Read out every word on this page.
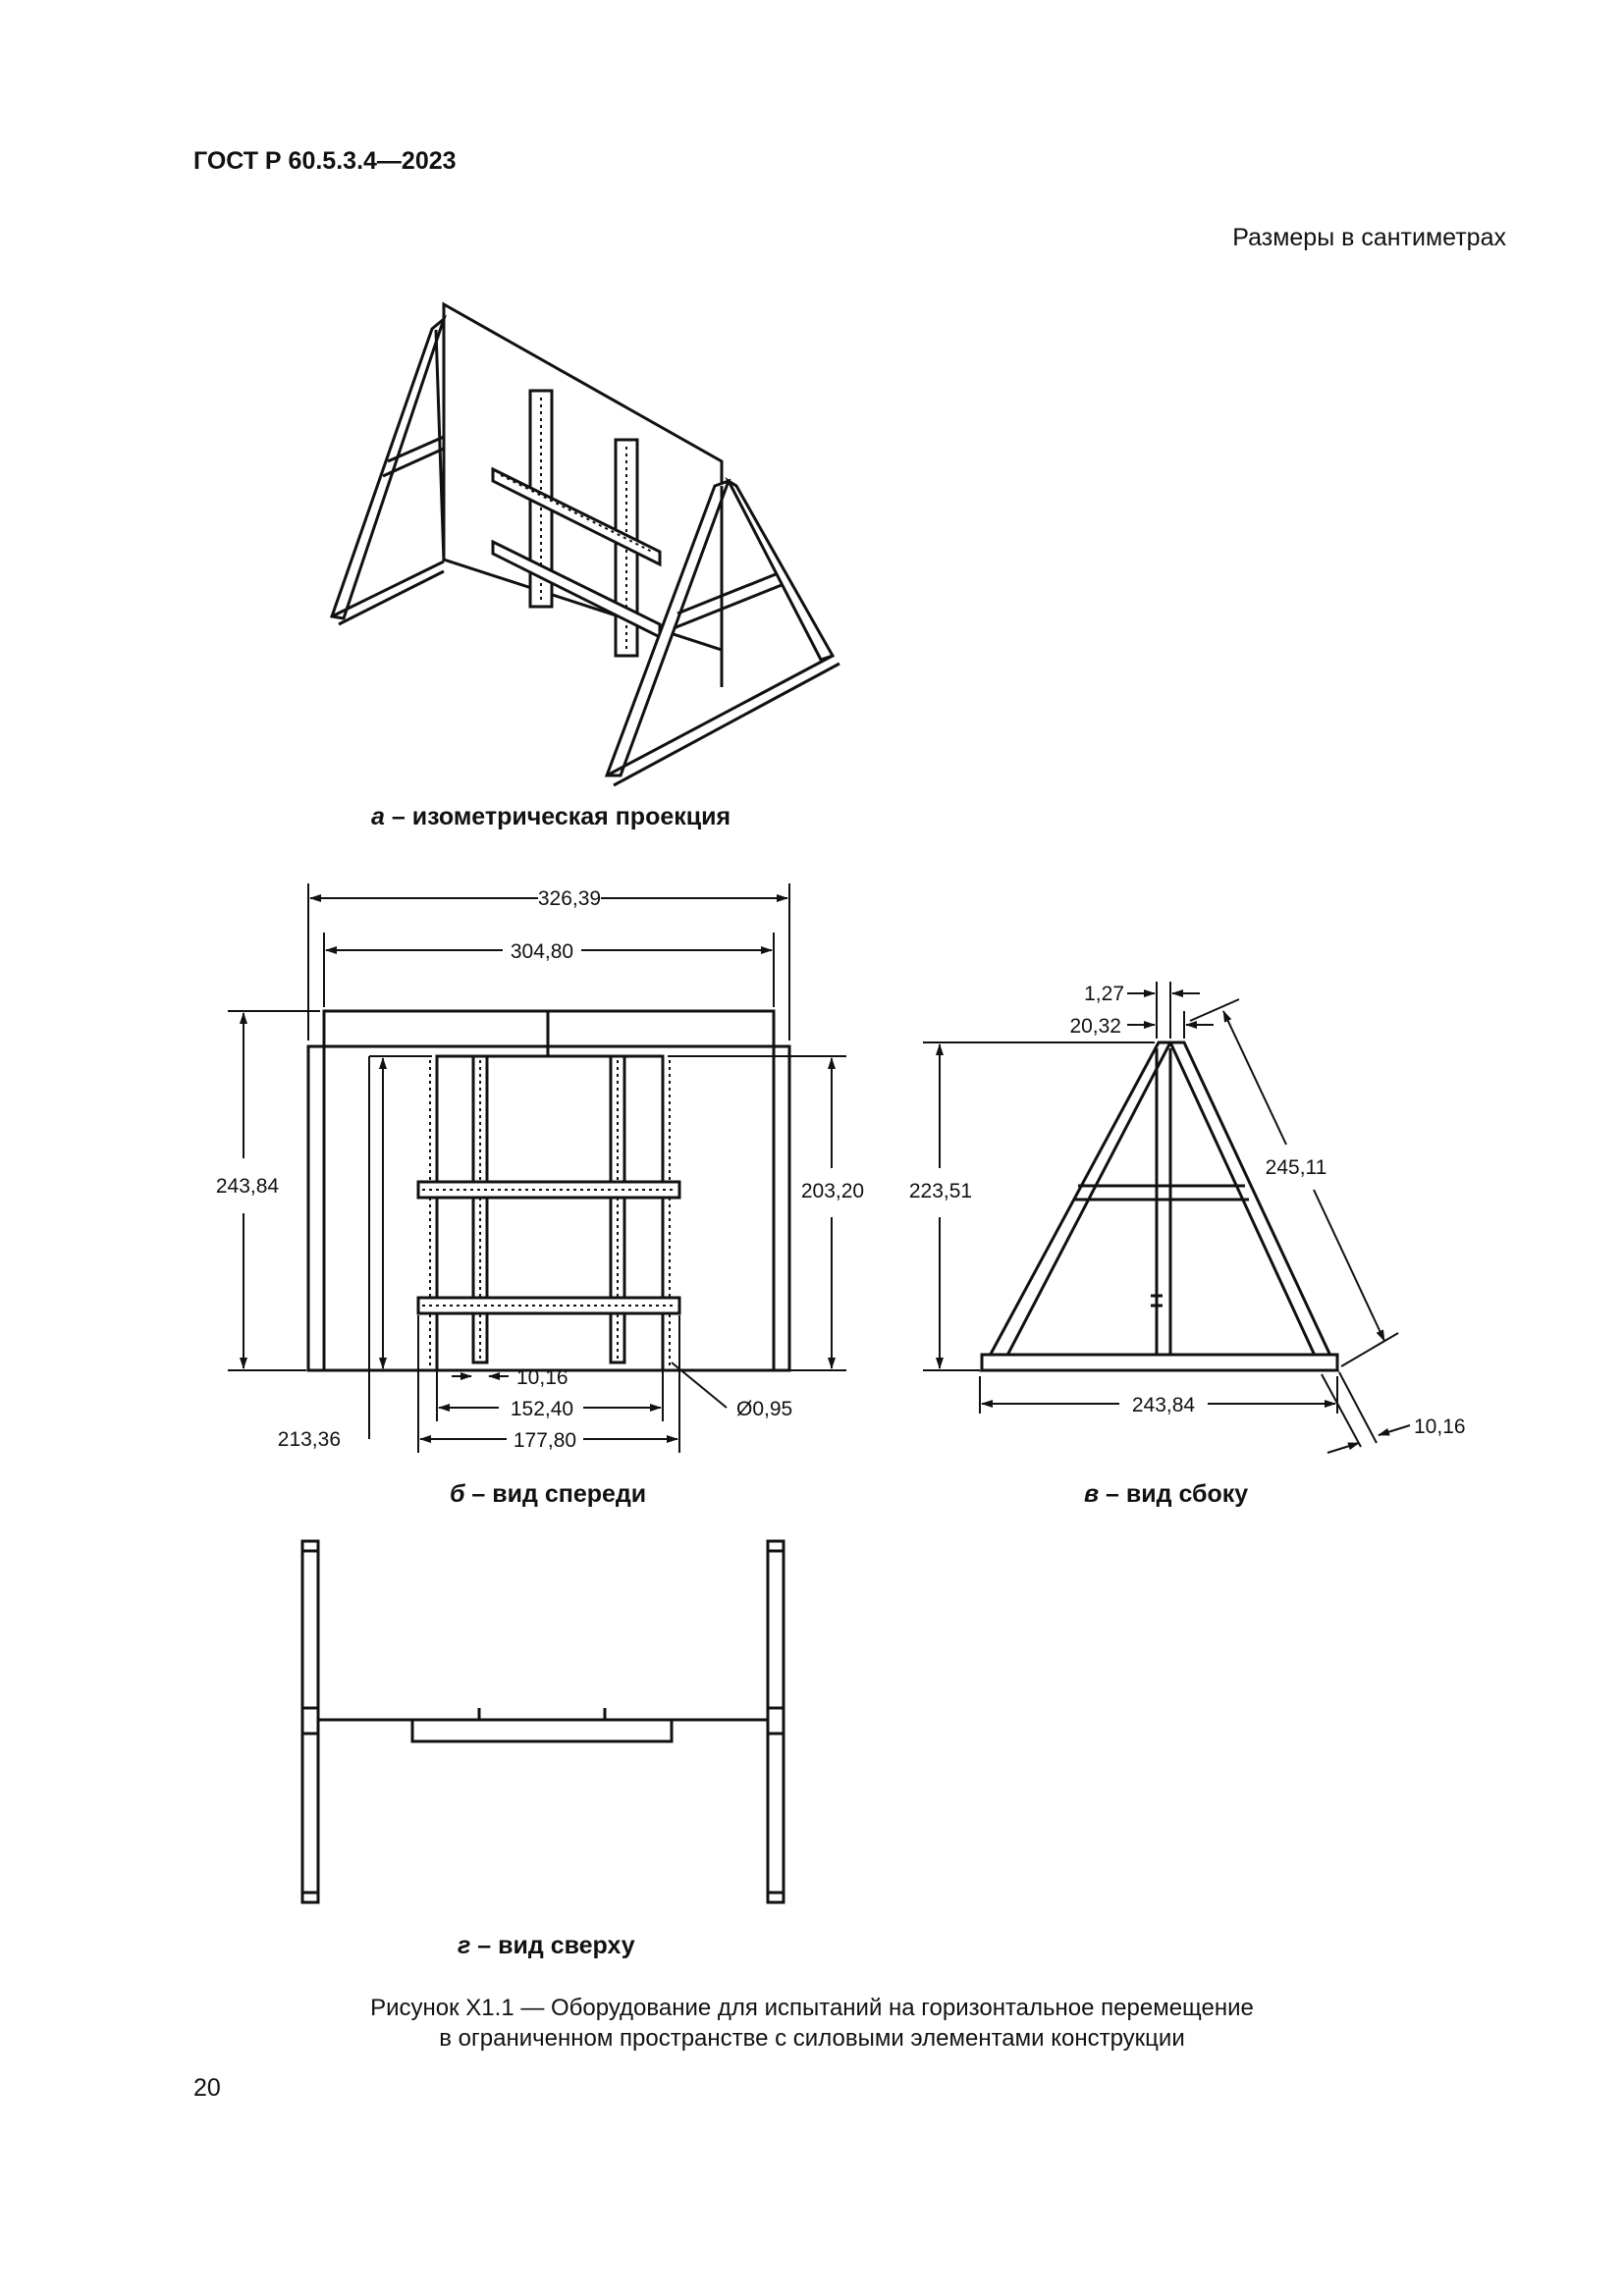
ГОСТ Р 60.5.3.4—2023
Размеры в сантиметрах
326,39
304,80
243,84
213,36
203,20
10,16
152,40
177,80
Ø0,95
1,27
20,32
223,51
245,11
243,84
10,16
а – изометрическая проекция
б – вид спереди	в – вид сбоку
г – вид сверху
Рисунок Х1.1 — Оборудование для испытаний на горизонтальное перемещение
в ограниченном пространстве с силовыми элементами конструкции
20
